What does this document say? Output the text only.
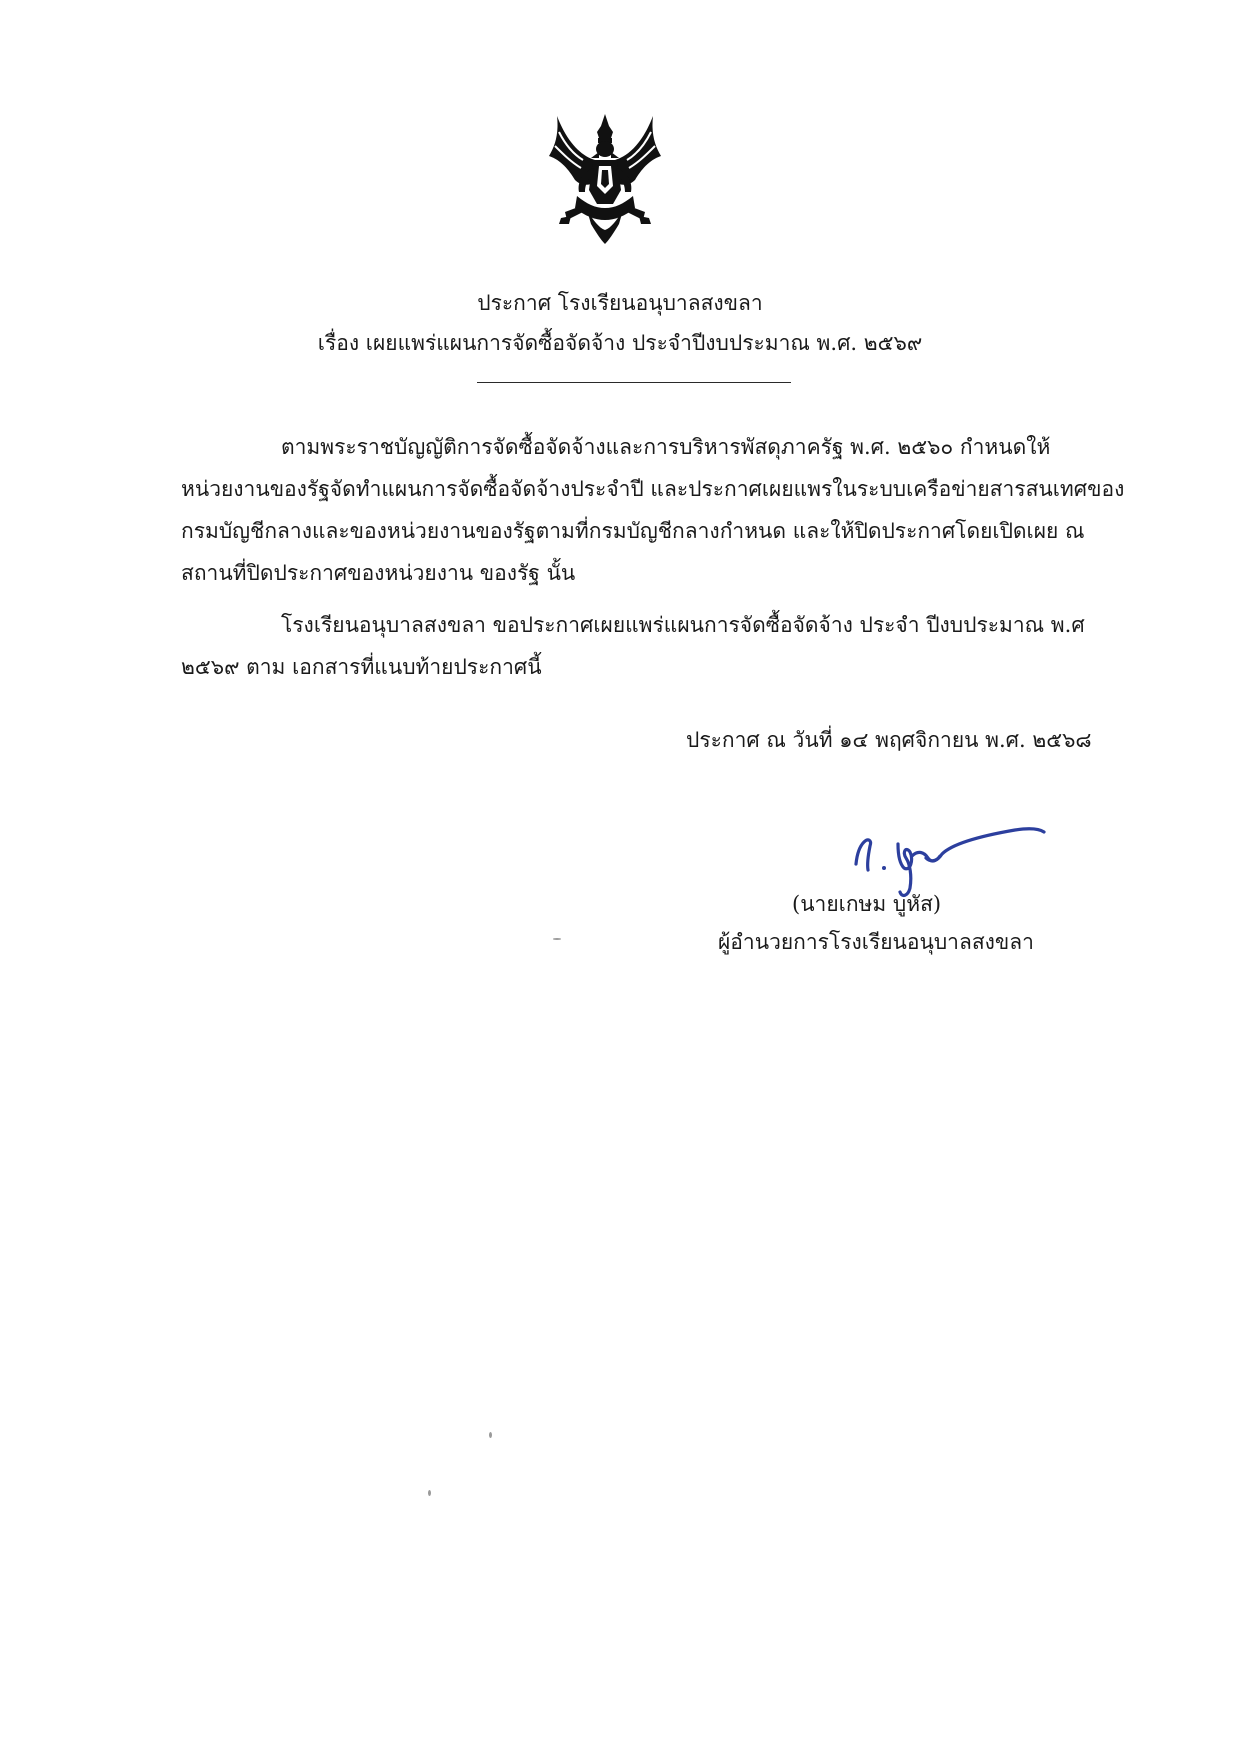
ประกาศ โรงเรียนอนุบาลสงขลา
เรื่อง เผยแพร่แผนการจัดซื้อจัดจ้าง ประจำปีงบประมาณ พ.ศ. ๒๕๖๙
ตามพระราชบัญญัติการจัดซื้อจัดจ้างและการบริหารพัสดุภาครัฐ พ.ศ. ๒๕๖๐ กำหนดให้
หน่วยงานของรัฐจัดทำแผนการจัดซื้อจัดจ้างประจำปี และประกาศเผยแพรในระบบเครือข่ายสารสนเทศของ
กรมบัญชีกลางและของหน่วยงานของรัฐตามที่กรมบัญชีกลางกำหนด และให้ปิดประกาศโดยเปิดเผย ณ
สถานที่ปิดประกาศของหน่วยงาน ของรัฐ นั้น
โรงเรียนอนุบาลสงขลา ขอประกาศเผยแพร่แผนการจัดซื้อจัดจ้าง ประจำ ปีงบประมาณ พ.ศ
๒๕๖๙ ตาม เอกสารที่แนบท้ายประกาศนี้
ประกาศ ณ วันที่ ๑๔ พฤศจิกายน พ.ศ. ๒๕๖๘
(นายเกษม บูหัส)
ผู้อำนวยการโรงเรียนอนุบาลสงขลา
